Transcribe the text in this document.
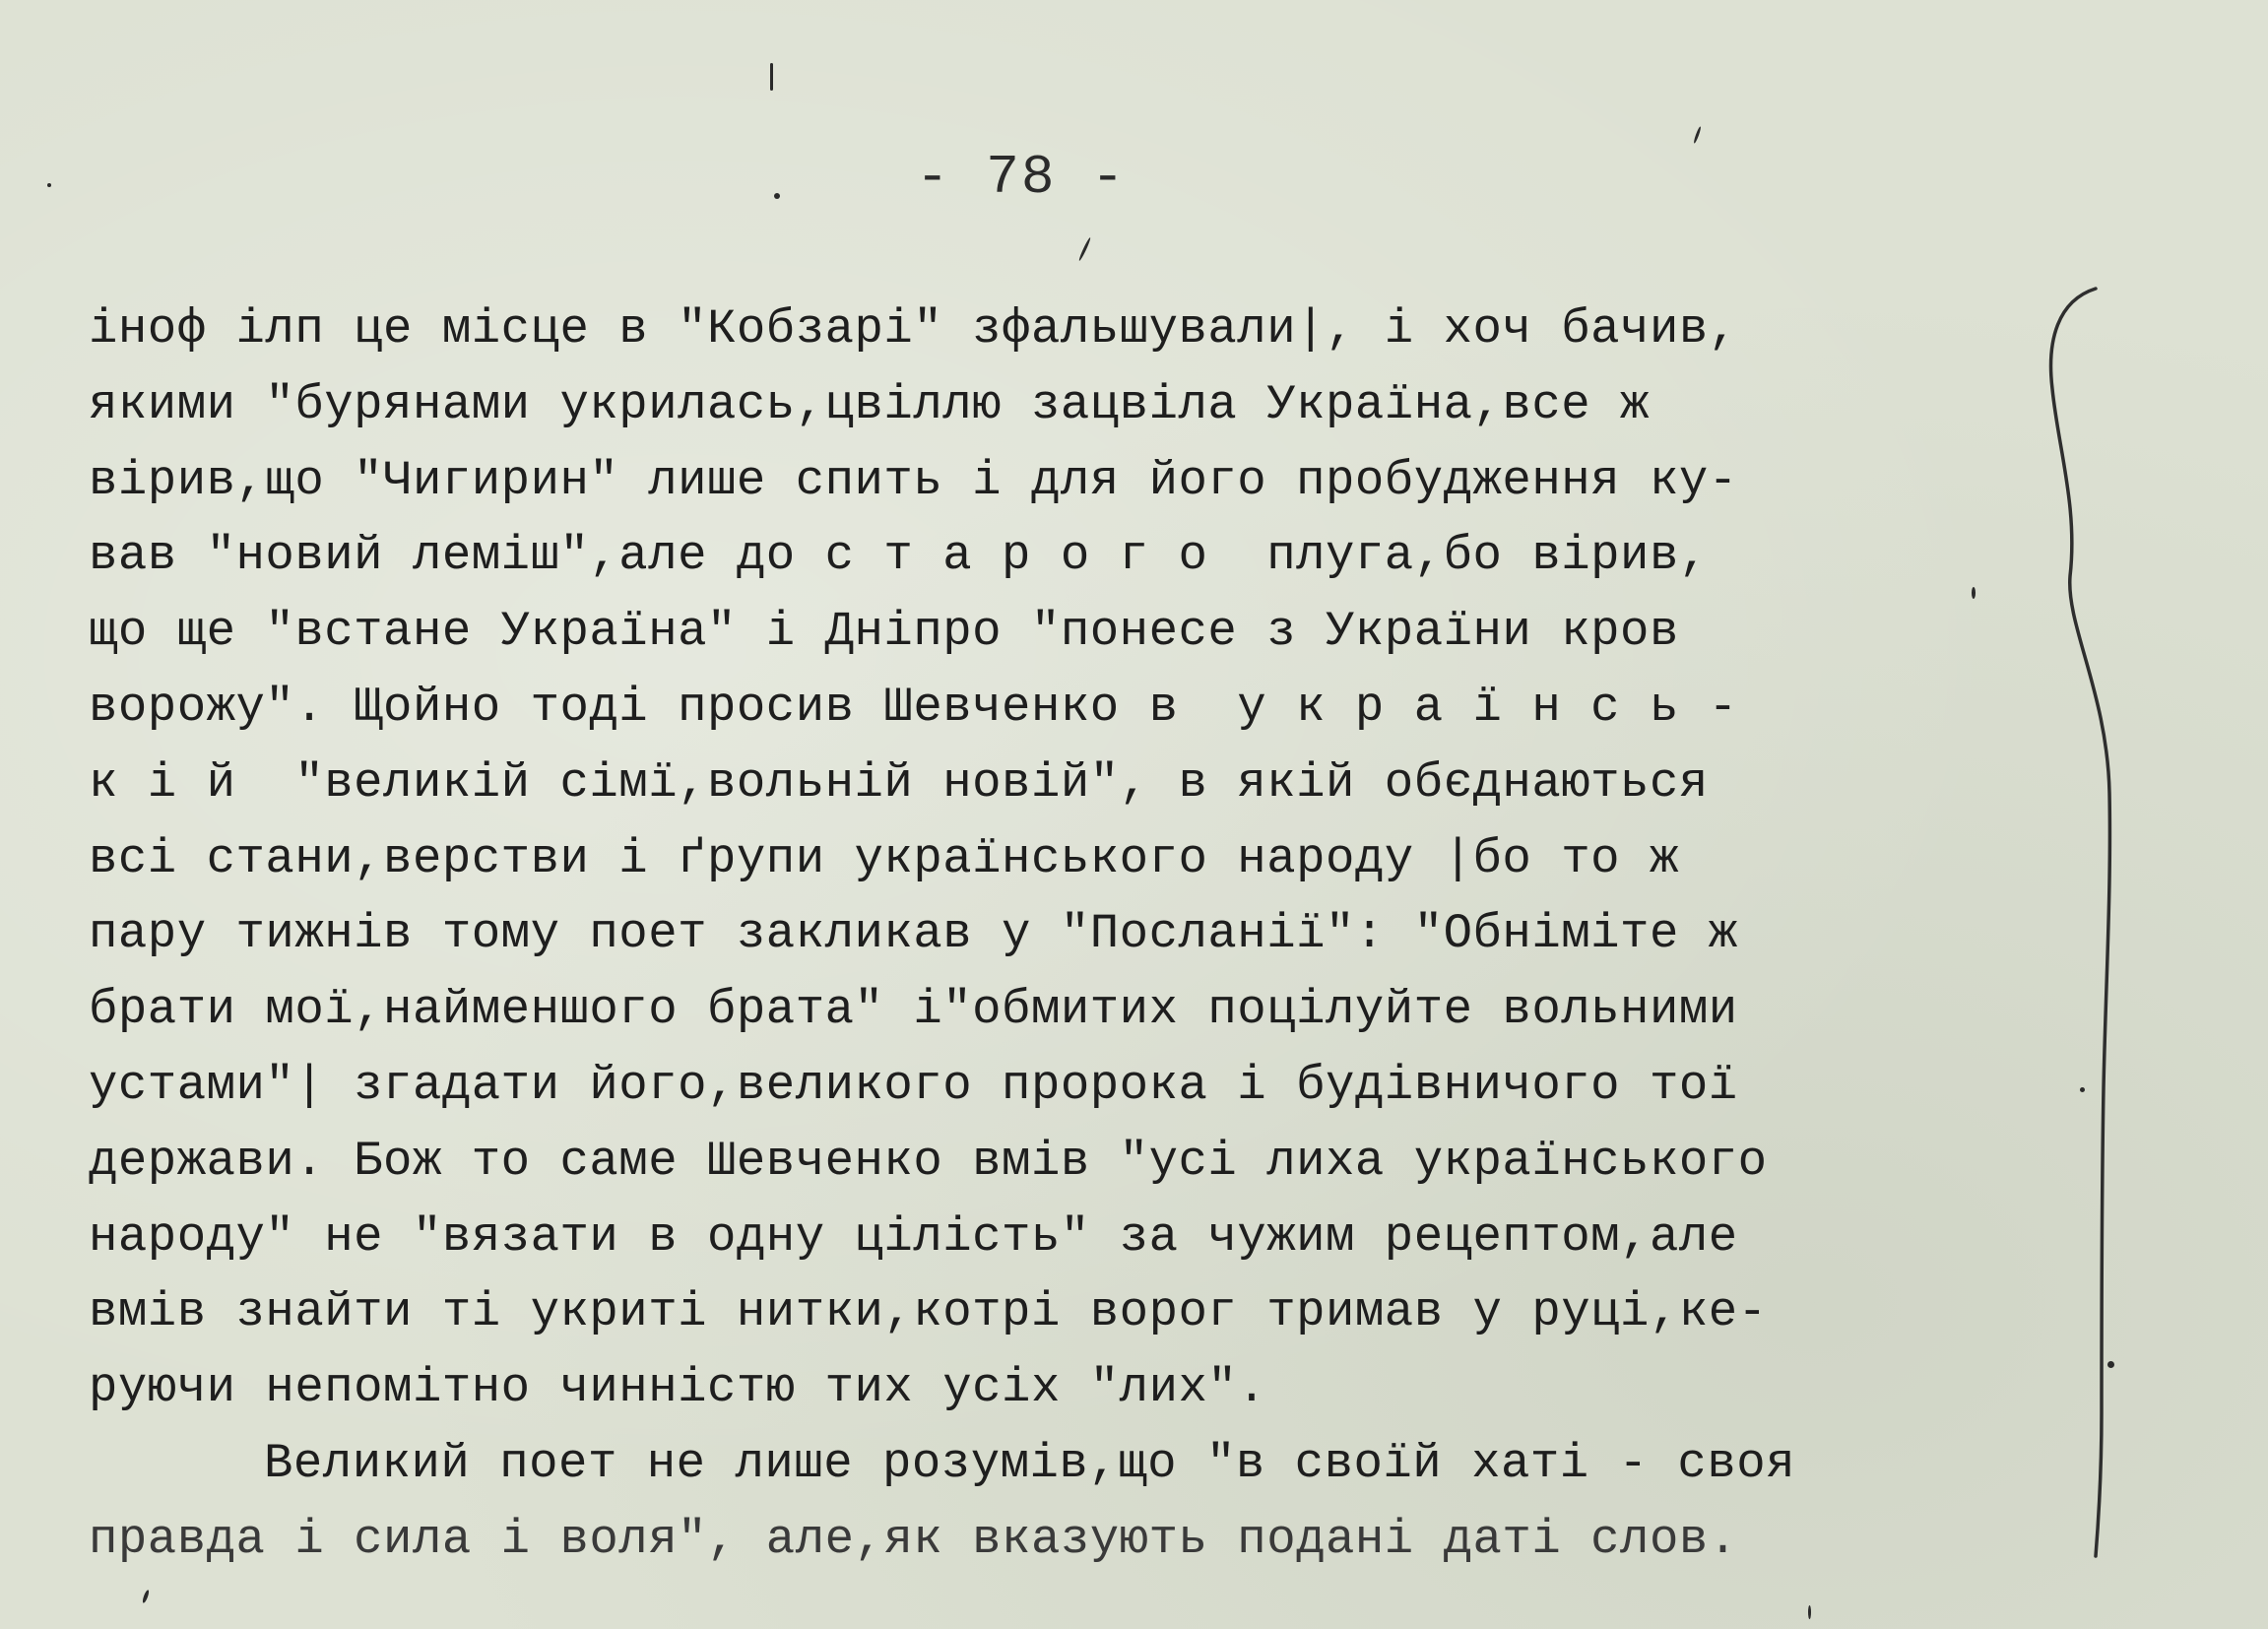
- 78 -
іноф ілп це місце в "Кобзарі" зфальшували|, і хоч бачив,
якими "бурянами укрилась,цвіллю зацвіла Україна,все ж
вірив,що "Чигирин" лише спить і для його пробудження ку-
вав "новий леміш",але до с т а р о г о  плуга,бо вірив,
що ще "встане Україна" і Дніпро "понесе з України кров
ворожу". Щойно тоді просив Шевченко в  у к р а ї н с ь -
к і й  "великій сімї,вольній новій", в якій обєднаються
всі стани,верстви і ґрупи українського народу |бо то ж
пару тижнів тому поет закликав у "Посланії": "Обніміте ж
брати мої,найменшого брата" і"обмитих поцілуйте вольними
устами"| згадати його,великого пророка і будівничого тої
держави. Бож то саме Шевченко вмів "усі лиха українського
народу" не "вязати в одну цілість" за чужим рецептом,але
вмів знайти ті укриті нитки,котрі ворог тримав у руці,ке-
руючи непомітно чинністю тих усіх "лих".
Великий поет не лише розумів,що "в своїй хаті - своя
правда і сила і воля", але,як вказують подані даті слов.
